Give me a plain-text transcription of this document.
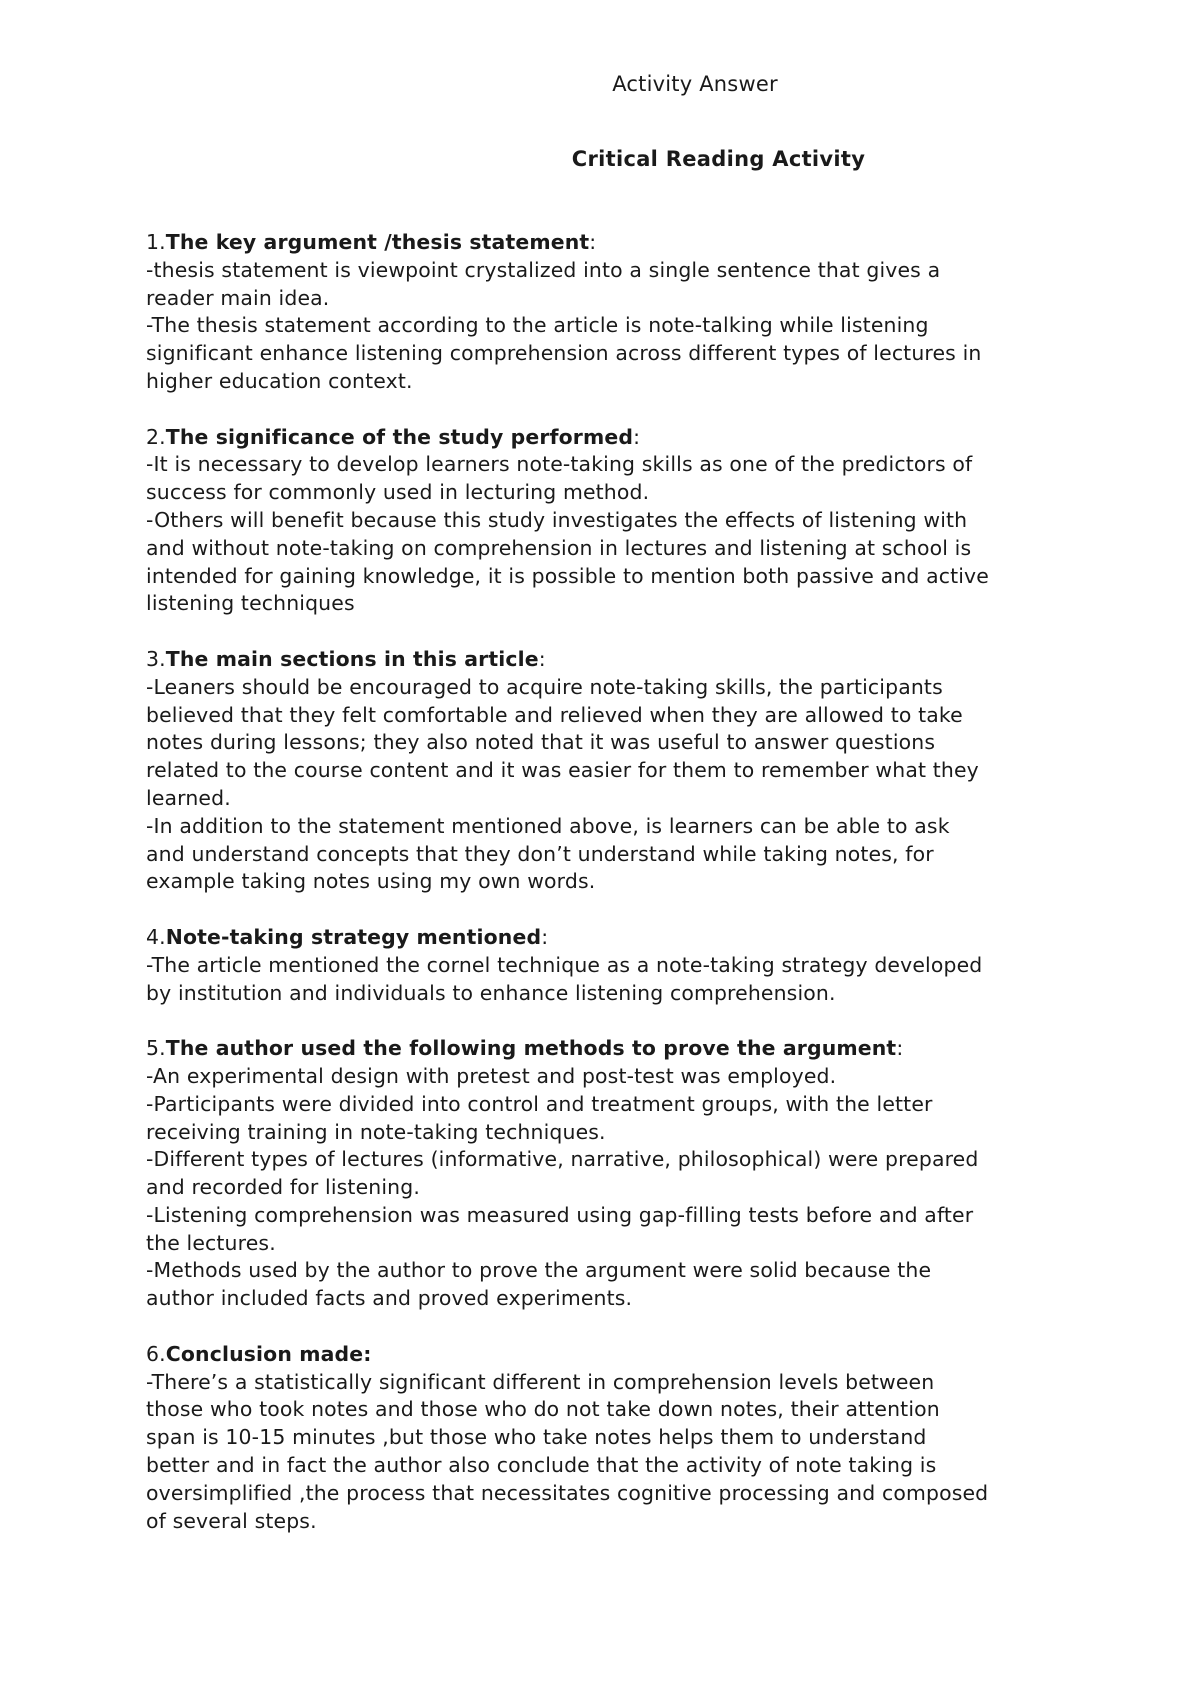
Activity Answer
Critical Reading Activity

1.The key argument /thesis statement:

-thesis statement is viewpoint crystalized into a single sentence that gives a

reader main idea.

-The thesis statement according to the article is note-talking while listening

significant enhance listening comprehension across different types of lectures in

higher education context.

2.The significance of the study performed:

-It is necessary to develop learners note-taking skills as one of the predictors of

success for commonly used in lecturing method.

-Others will benefit because this study investigates the effects of listening with

and without note-taking on comprehension in lectures and listening at school is

intended for gaining knowledge, it is possible to mention both passive and active

listening techniques

3.The main sections in this article:

-Leaners should be encouraged to acquire note-taking skills, the participants

believed that they felt comfortable and relieved when they are allowed to take

notes during lessons; they also noted that it was useful to answer questions

related to the course content and it was easier for them to remember what they

learned.

-In addition to the statement mentioned above, is learners can be able to ask

and understand concepts that they don’t understand while taking notes, for

example taking notes using my own words.

4.Note-taking strategy mentioned:

-The article mentioned the cornel technique as a note-taking strategy developed

by institution and individuals to enhance listening comprehension.

5.The author used the following methods to prove the argument:

-An experimental design with pretest and post-test was employed.

-Participants were divided into control and treatment groups, with the letter

receiving training in note-taking techniques.

-Different types of lectures (informative, narrative, philosophical) were prepared

and recorded for listening.

-Listening comprehension was measured using gap-filling tests before and after

the lectures.

-Methods used by the author to prove the argument were solid because the

author included facts and proved experiments.

6.Conclusion made:

-There’s a statistically significant different in comprehension levels between

those who took notes and those who do not take down notes, their attention

span is 10-15 minutes ,but those who take notes helps them to understand

better and in fact the author also conclude that the activity of note taking is

oversimplified ,the process that necessitates cognitive processing and composed

of several steps.
